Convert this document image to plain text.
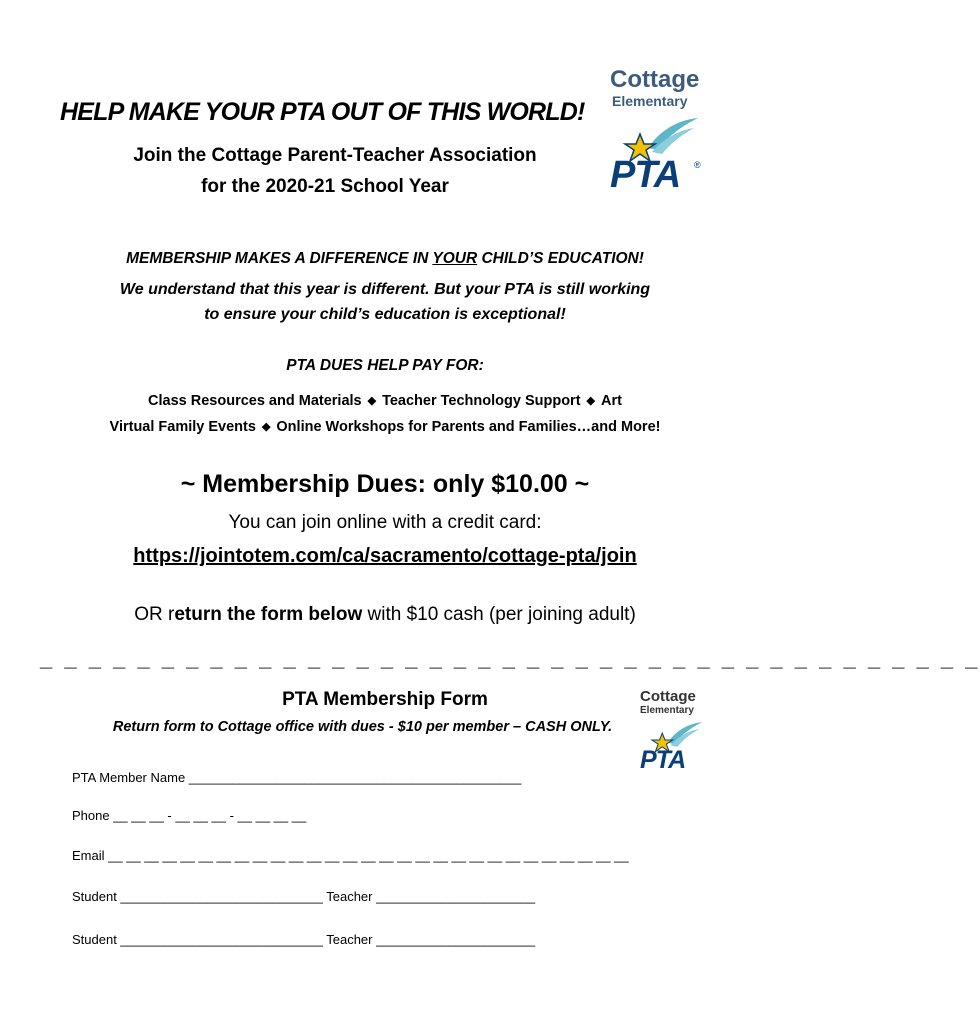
Cottage
Elementary
PTA ®
HELP MAKE YOUR PTA OUT OF THIS WORLD!
Join the Cottage Parent-Teacher Association
for the 2020-21 School Year
MEMBERSHIP MAKES A DIFFERENCE IN YOUR CHILD’S EDUCATION!
We understand that this year is different. But your PTA is still working
to ensure your child’s education is exceptional!
PTA DUES HELP PAY FOR:
Class Resources and Materials ◆ Teacher Technology Support ◆ Art
Virtual Family Events ◆ Online Workshops for Parents and Families…and More!
~ Membership Dues: only $10.00 ~
You can join online with a credit card:
https://jointotem.com/ca/sacramento/cottage-pta/join
OR return the form below with $10 cash (per joining adult)
_ _ _ _ _ _ _ _ _ _ _ _ _ _ _ _ _ _ _ _ _ _ _ _ _ _ _ _ _ _ _ _ _ _ _ _ _ _ _
Cottage
Elementary
PTA
PTA Membership Form
Return form to Cottage office with dues - $10 per member – CASH ONLY.
PTA Member Name ______________________________________________
Phone __ __ __ - __ __ __ - __ __ __ __
Email __ __ __ __ __ __ __ __ __ __ __ __ __ __ __ __ __ __ __ __ __ __ __ __ __ __ __ __ __
Student ____________________________ Teacher ______________________
Student ____________________________ Teacher ______________________
